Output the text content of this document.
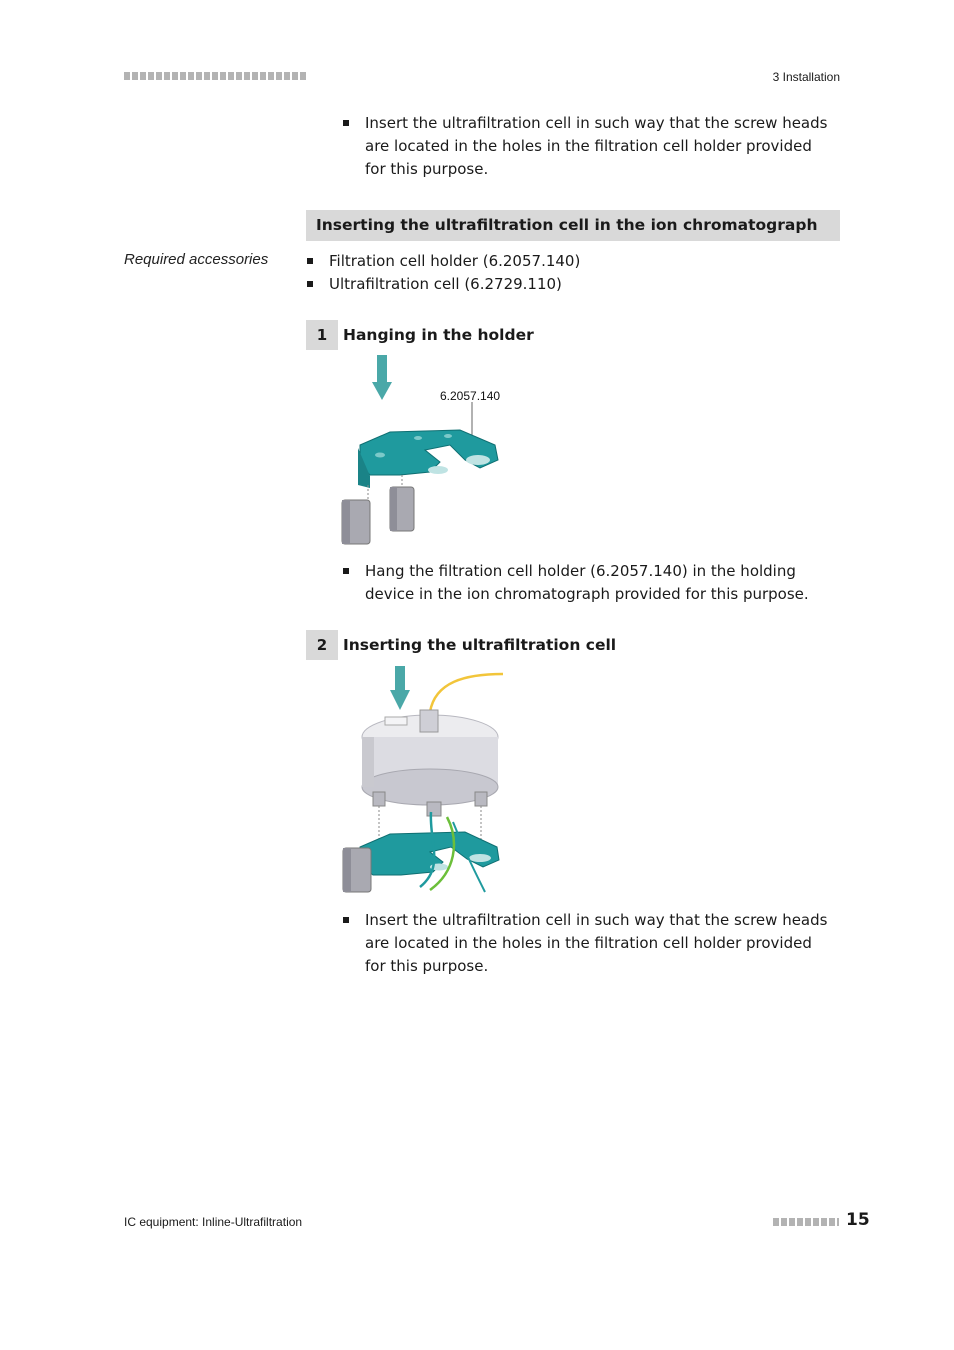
3 Installation
Insert the ultrafiltration cell in such way that the screw heads are located in the holes in the filtration cell holder provided for this purpose.
Inserting the ultrafiltration cell in the ion chromatograph
Required accessories	Filtration cell holder (6.2057.140)
Ultrafiltration cell (6.2729.110)
1	Hanging in the holder
6.2057.140
Hang the filtration cell holder (6.2057.140) in the holding device in the ion chromatograph provided for this purpose.
2	Inserting the ultrafiltration cell
Insert the ultrafiltration cell in such way that the screw heads are located in the holes in the filtration cell holder provided for this purpose.
IC equipment: Inline-Ultrafiltration	15
